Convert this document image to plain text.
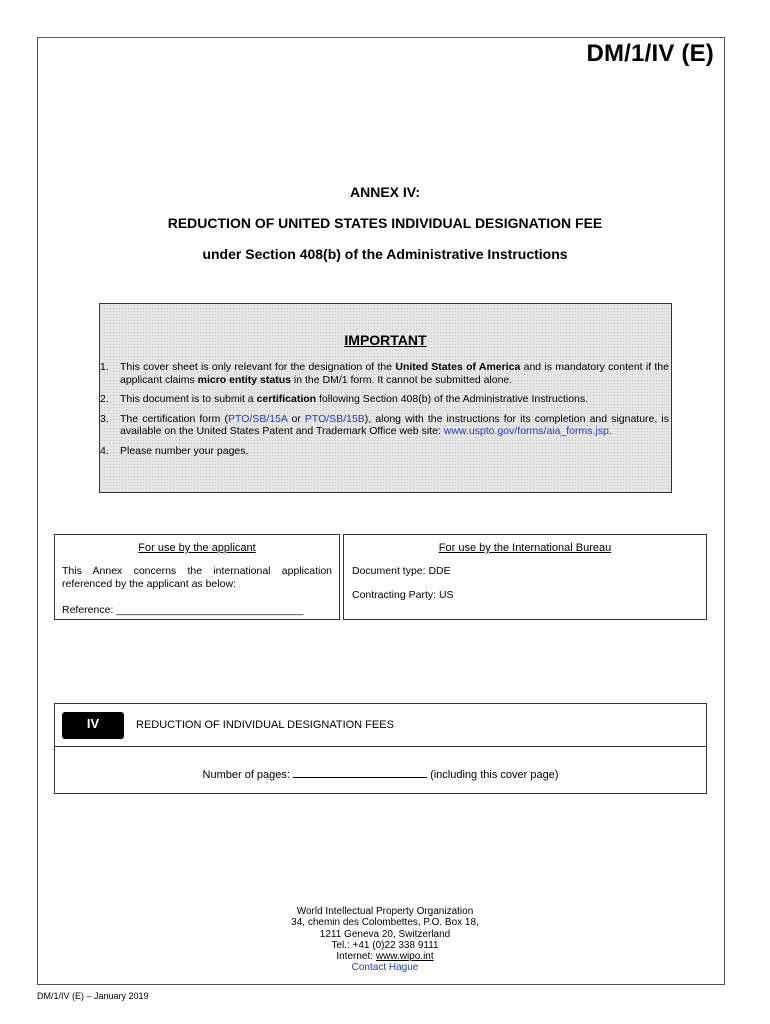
DM/1/IV (E)
ANNEX IV:
REDUCTION OF UNITED STATES INDIVIDUAL DESIGNATION FEE
under Section 408(b) of the Administrative Instructions
IMPORTANT
1. This cover sheet is only relevant for the designation of the United States of America and is mandatory content if the applicant claims micro entity status in the DM/1 form. It cannot be submitted alone.
2. This document is to submit a certification following Section 408(b) of the Administrative Instructions.
3. The certification form (PTO/SB/15A or PTO/SB/15B), along with the instructions for its completion and signature, is available on the United States Patent and Trademark Office web site: www.uspto.gov/forms/aia_forms.jsp.
4. Please number your pages.
For use by the applicant
This Annex concerns the international application referenced by the applicant as below:
Reference: ________________________________
For use by the International Bureau
Document type: DDE
Contracting Party: US
IV	REDUCTION OF INDIVIDUAL DESIGNATION FEES
Number of pages:	(including this cover page)
World Intellectual Property Organization
34, chemin des Colombettes, P.O. Box 18,
1211 Geneva 20, Switzerland
Tel.: +41 (0)22 338 9111
Internet: www.wipo.int
Contact Hague
DM/1/IV (E) – January 2019
